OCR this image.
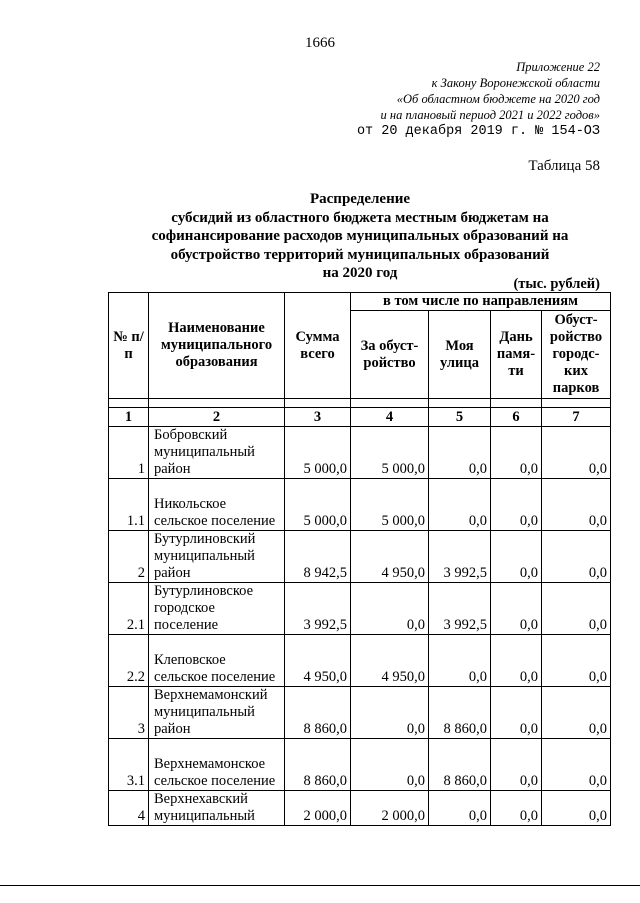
1666
Приложение 22
к Закону Воронежской области
«Об областном бюджете на 2020 год
и на плановый период 2021 и 2022 годов»
от 20 декабря 2019 г. № 154-ОЗ
Таблица 58
Распределение
субсидий из областного бюджета местным бюджетам на
софинансирование расходов муниципальных образований на
обустройство территорий муниципальных образований
на 2020 год
(тыс. рублей)
№ п/п	Наименование муниципального образования	Сумма всего	в том числе по направлениям			
			За обуст-ройство	Моя улица	Дань памя-ти	Обуст-ройство городс-ких парков

1	2	3	4	5	6	7
1	Бобровский муниципальный район	5 000,0	5 000,0	0,0	0,0	0,0
1.1	Никольское сельское поселение	5 000,0	5 000,0	0,0	0,0	0,0
2	Бутурлиновский муниципальный район	8 942,5	4 950,0	3 992,5	0,0	0,0
2.1	Бутурлиновское городское поселение	3 992,5	0,0	3 992,5	0,0	0,0
2.2	Клеповское сельское поселение	4 950,0	4 950,0	0,0	0,0	0,0
3	Верхнемамонский муниципальный район	8 860,0	0,0	8 860,0	0,0	0,0
3.1	Верхнемамонское сельское поселение	8 860,0	0,0	8 860,0	0,0	0,0
4	Верхнехавский муниципальный	2 000,0	2 000,0	0,0	0,0	0,0
